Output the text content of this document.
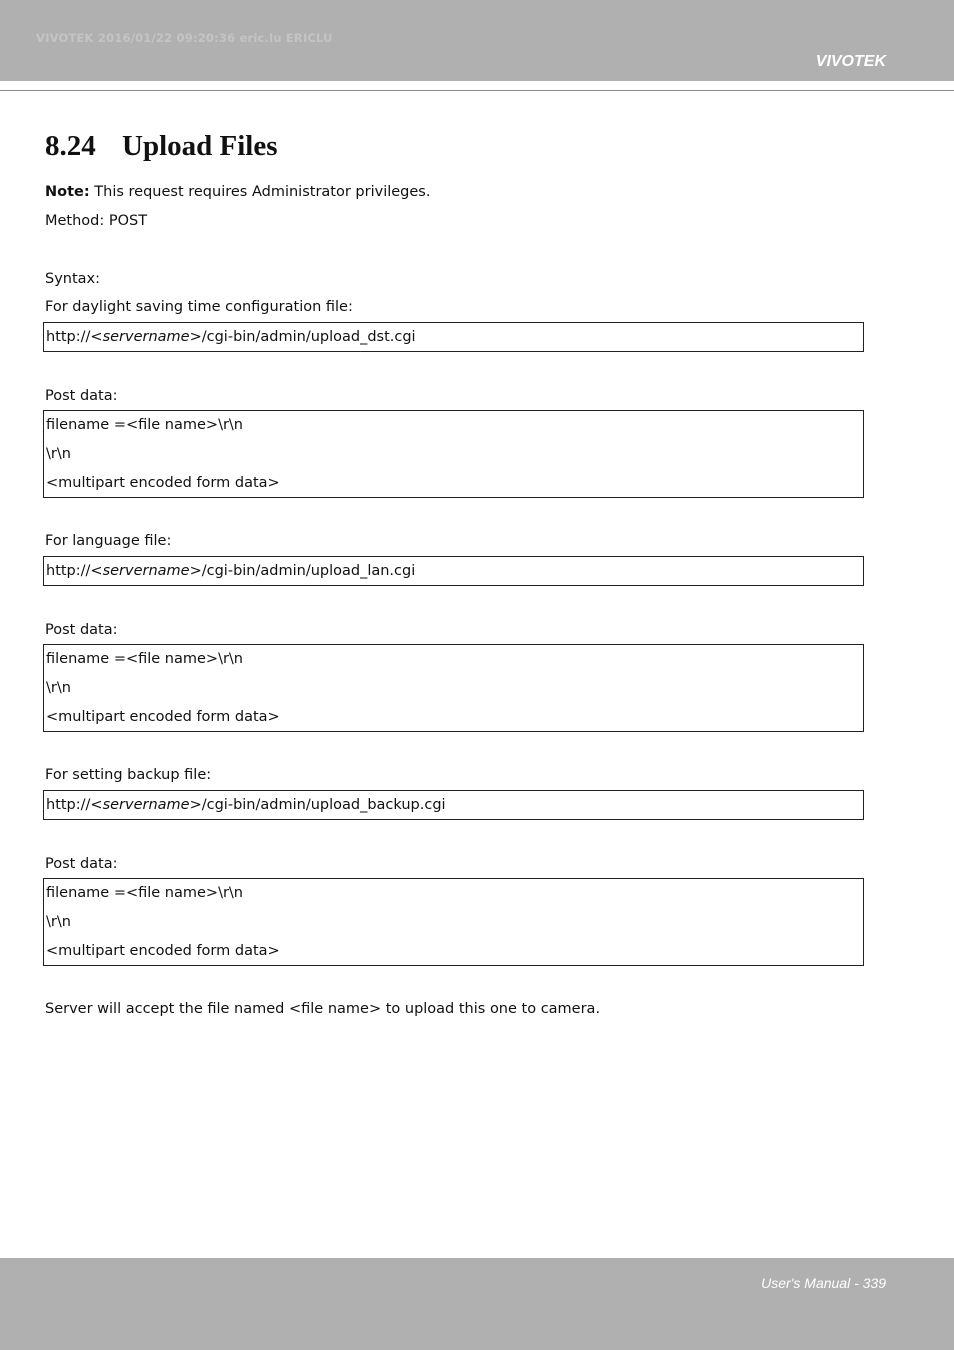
VIVOTEK 2016/01/22 09:20:36 eric.lu ERICLU
VIVOTEK
8.24 Upload Files
Note: This request requires Administrator privileges.
Method: POST
Syntax:
For daylight saving time configuration file:
http://<servername>/cgi-bin/admin/upload_dst.cgi
Post data:
filename =<file name>\r\n
\r\n
<multipart encoded form data>
For language file:
http://<servername>/cgi-bin/admin/upload_lan.cgi
Post data:
filename =<file name>\r\n
\r\n
<multipart encoded form data>
For setting backup file:
http://<servername>/cgi-bin/admin/upload_backup.cgi
Post data:
filename =<file name>\r\n
\r\n
<multipart encoded form data>
Server will accept the file named <file name> to upload this one to camera.
User's Manual - 339
